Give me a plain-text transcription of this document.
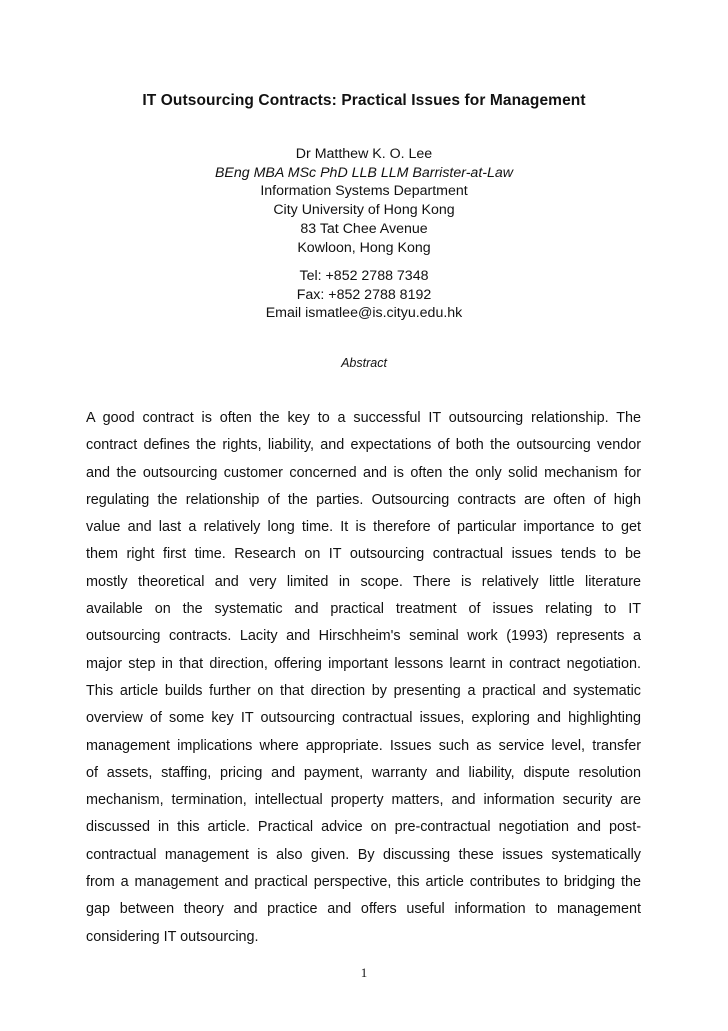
IT Outsourcing Contracts: Practical Issues for Management
Dr Matthew K. O. Lee
BEng MBA MSc PhD LLB LLM Barrister-at-Law
Information Systems Department
City University of Hong Kong
83 Tat Chee Avenue
Kowloon, Hong Kong
Tel: +852 2788 7348
Fax: +852 2788 8192
Email ismatlee@is.cityu.edu.hk
Abstract
A good contract is often the key to a successful IT outsourcing relationship. The
contract defines the rights, liability, and expectations of both the outsourcing vendor
and the outsourcing customer concerned and is often the only solid mechanism for
regulating the relationship of the parties. Outsourcing contracts are often of high
value and last a relatively long time. It is therefore of particular importance to get
them right first time. Research on IT outsourcing contractual issues tends to be
mostly theoretical and very limited in scope. There is relatively little literature
available on the systematic and practical treatment of issues relating to IT
outsourcing contracts. Lacity and Hirschheim's seminal work (1993) represents a
major step in that direction, offering important lessons learnt in contract negotiation.
This article builds further on that direction by presenting a practical and systematic
overview of some key IT outsourcing contractual issues, exploring and highlighting
management implications where appropriate. Issues such as service level, transfer
of assets, staffing, pricing and payment, warranty and liability, dispute resolution
mechanism, termination, intellectual property matters, and information security are
discussed in this article. Practical advice on pre-contractual negotiation and post-
contractual management is also given. By discussing these issues systematically
from a management and practical perspective, this article contributes to bridging the
gap between theory and practice and offers useful information to management
considering IT outsourcing.
1
